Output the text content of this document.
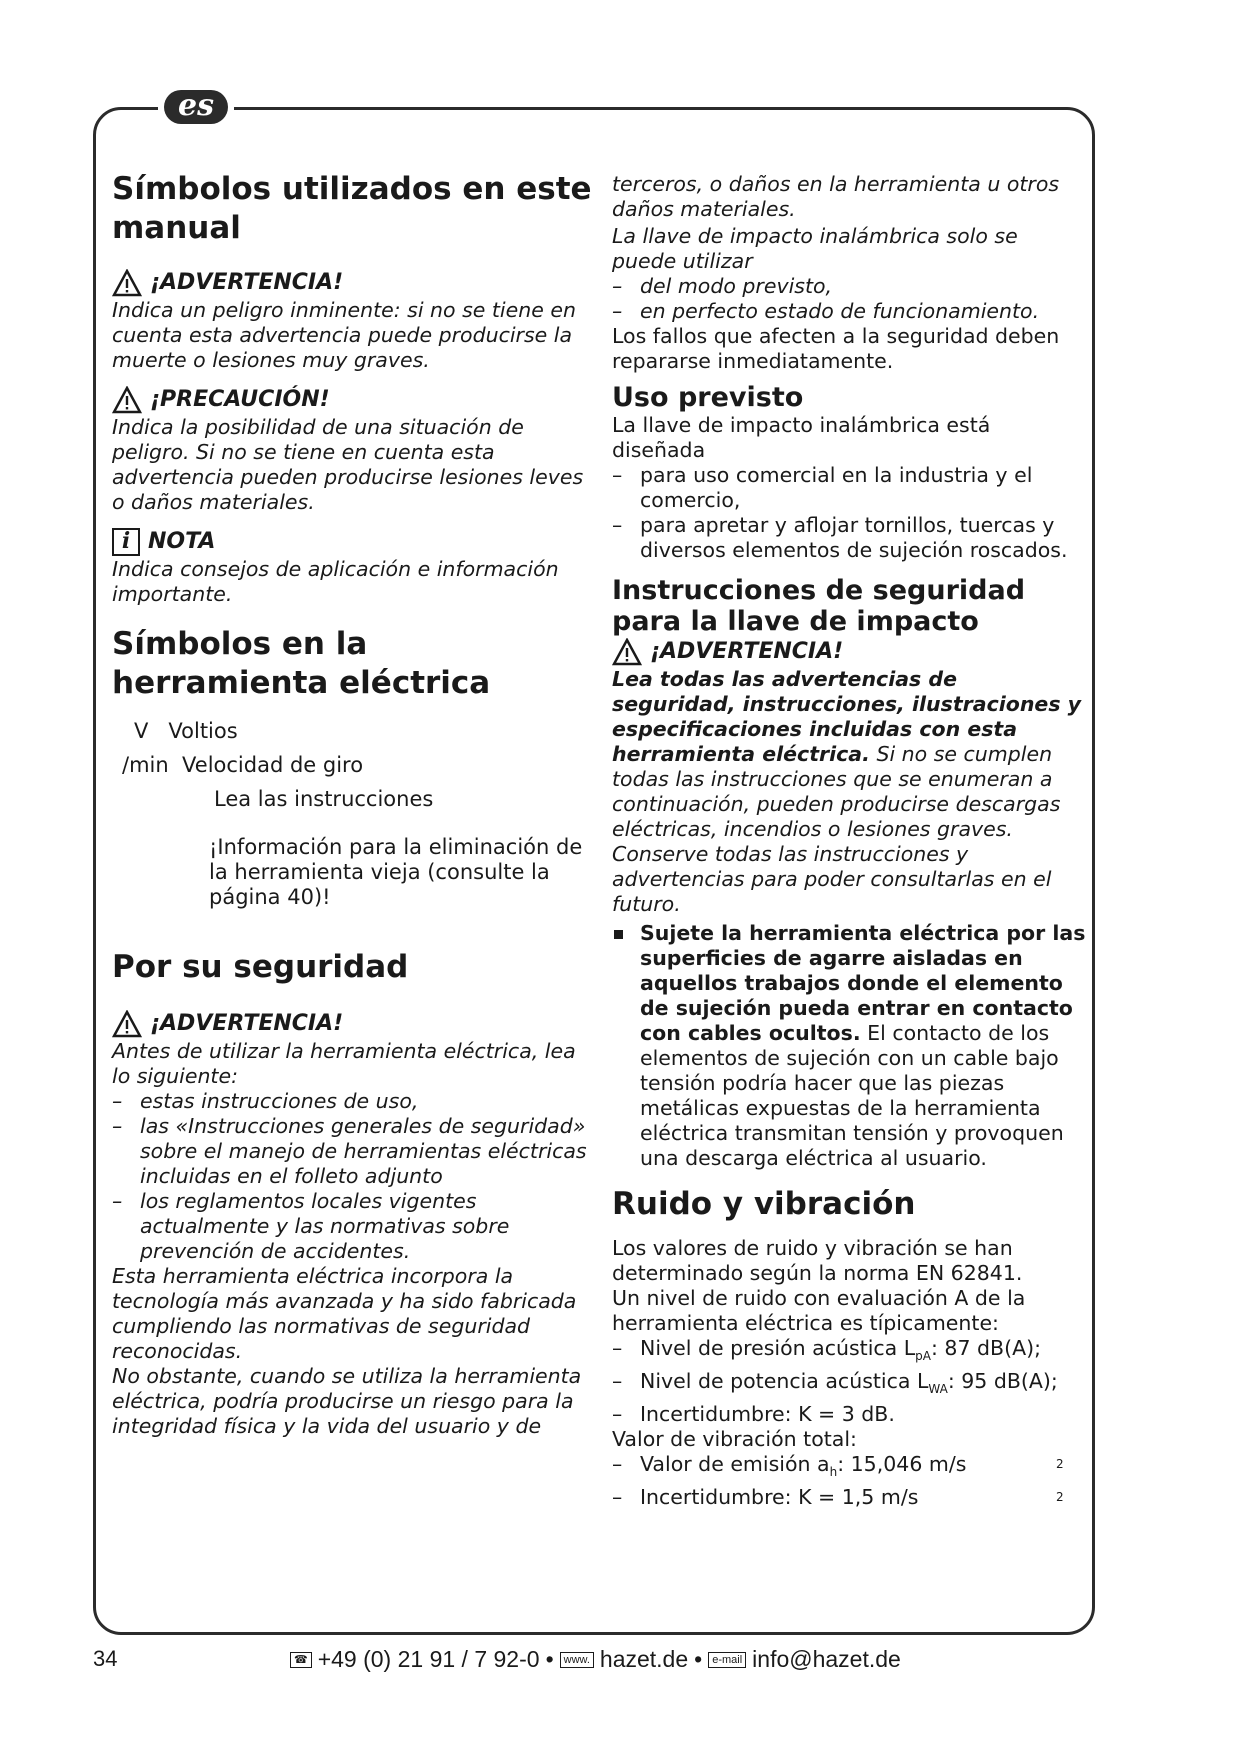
es
Símbolos utilizados en este manual
¡ADVERTENCIA!

Indica un peligro inminente: si no se tiene en cuenta esta advertencia puede producirse la muerte o lesiones muy graves.

¡PRECAUCIÓN!

Indica la posibilidad de una situación de peligro. Si no se tiene en cuenta esta advertencia pueden producirse lesiones leves o daños materiales.

i NOTA

Indica consejos de aplicación e información importante.

Símbolos en la herramienta eléctrica
V Voltios
/min Velocidad de giro
Lea las instrucciones
¡Información para la eliminación de la herramienta vieja (consulte la página 40)!
Por su seguridad
¡ADVERTENCIA!

Antes de utilizar la herramienta eléctrica, lea lo siguiente:

– estas instrucciones de uso,
– las «Instrucciones generales de seguridad» sobre el manejo de herramientas eléctricas incluidas en el folleto adjunto
– los reglamentos locales vigentes actualmente y las normativas sobre prevención de accidentes.

Esta herramienta eléctrica incorpora la tecnología más avanzada y ha sido fabricada cumpliendo las normativas de seguridad reconocidas.

No obstante, cuando se utiliza la herramienta eléctrica, podría producirse un riesgo para la integridad física y la vida del usuario y de

terceros, o daños en la herramienta u otros daños materiales.

La llave de impacto inalámbrica solo se puede utilizar

– del modo previsto,
– en perfecto estado de funcionamiento.

Los fallos que afecten a la seguridad deben repararse inmediatamente.

Uso previsto

La llave de impacto inalámbrica está diseñada

– para uso comercial en la industria y el comercio,
– para apretar y aflojar tornillos, tuercas y diversos elementos de sujeción roscados.
Instrucciones de seguridad para la llave de impacto
¡ADVERTENCIA!

Lea todas las advertencias de seguridad, instrucciones, ilustraciones y especificaciones incluidas con esta herramienta eléctrica. Si no se cumplen todas las instrucciones que se enumeran a continuación, pueden producirse descargas eléctricas, incendios o lesiones graves. Conserve todas las instrucciones y advertencias para poder consultarlas en el futuro.

Sujete la herramienta eléctrica por las superficies de agarre aisladas en aquellos trabajos donde el elemento de sujeción pueda entrar en contacto con cables ocultos. El contacto de los elementos de sujeción con un cable bajo tensión podría hacer que las piezas metálicas expuestas de la herramienta eléctrica transmitan tensión y provoquen una descarga eléctrica al usuario.
Ruido y vibración

Los valores de ruido y vibración se han determinado según la norma EN 62841.

Un nivel de ruido con evaluación A de la herramienta eléctrica es típicamente:

– Nivel de presión acústica $L_{pA}$: 87 dB(A);
– Nivel de potencia acústica $L_{WA}$: 95 dB(A);
– Incertidumbre: K = 3 dB.

Valor de vibración total:

– Valor de emisión $a_h$: 15,046 m/s	2
– Incertidumbre: K = 1,5 m/s	2
34	☎ +49 (0) 21 91 / 7 92-0 • www. hazet.de • e-mail info@hazet.de
